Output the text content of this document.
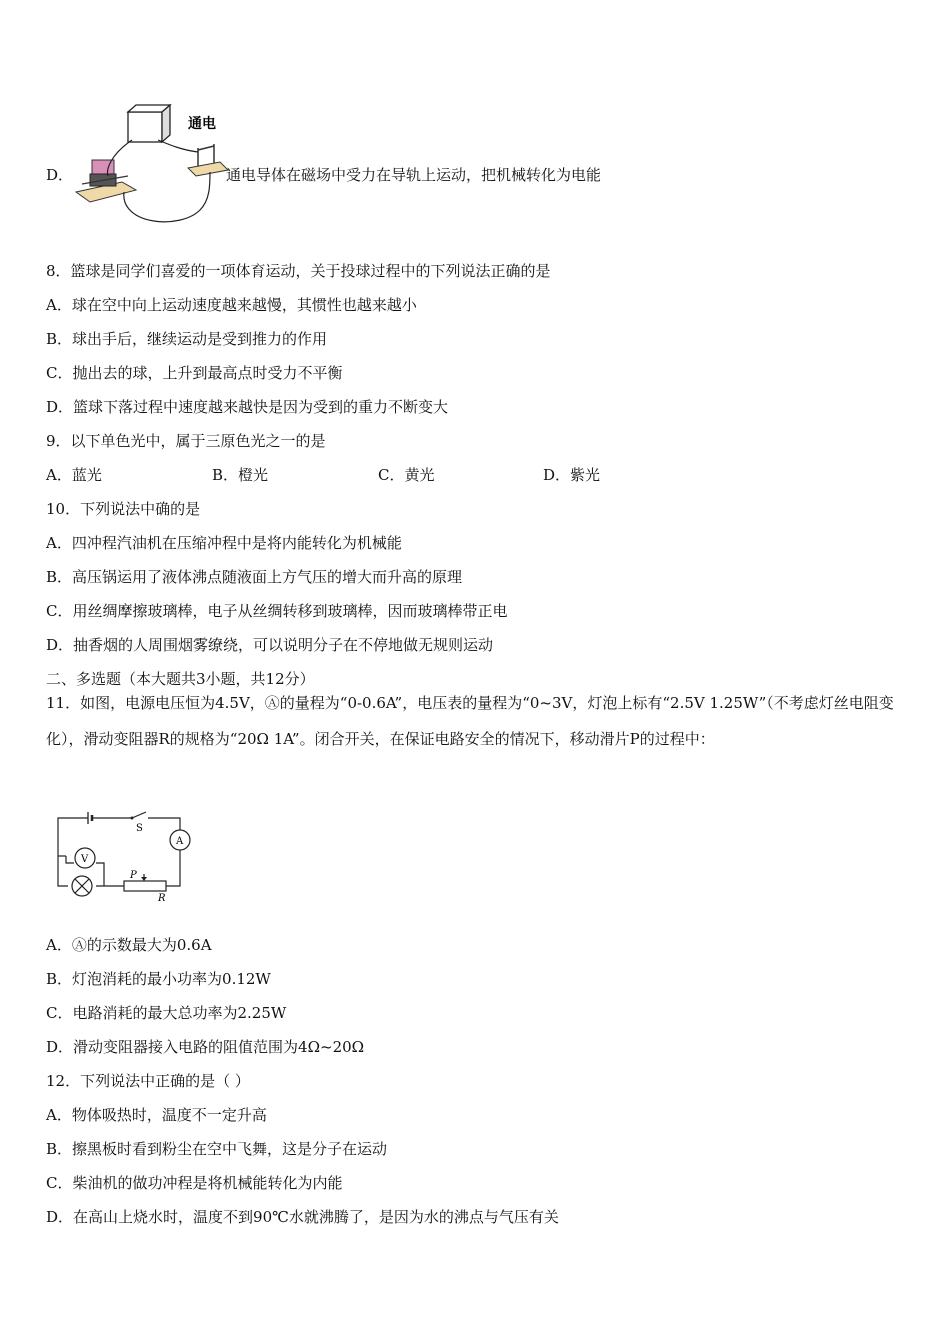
D．
通电
通电导体在磁场中受力在导轨上运动，把机械转化为电能
8．篮球是同学们喜爱的一项体育运动，关于投球过程中的下列说法正确的是
A．球在空中向上运动速度越来越慢，其惯性也越来越小
B．球出手后，继续运动是受到推力的作用
C．抛出去的球，上升到最高点时受力不平衡
D．篮球下落过程中速度越来越快是因为受到的重力不断变大
9．以下单色光中，属于三原色光之一的是
A．蓝光	B．橙光	C．黄光	D．紫光
10．下列说法中确的是
A．四冲程汽油机在压缩冲程中是将内能转化为机械能
B．高压锅运用了液体沸点随液面上方气压的增大而升高的原理
C．用丝绸摩擦玻璃棒，电子从丝绸转移到玻璃棒，因而玻璃棒带正电
D．抽香烟的人周围烟雾缭绕，可以说明分子在不停地做无规则运动
二、多选题（本大题共3小题，共12分）
11．如图，电源电压恒为4.5V，Ⓐ的量程为“0-0.6A”，电压表的量程为“0~3V，灯泡上标有“2.5V 1.25W”（不考虑灯丝电阻变化），滑动变阻器R的规格为“20Ω 1A”。闭合开关，在保证电路安全的情况下，移动滑片P的过程中：
S
A
V
P
R
A．Ⓐ的示数最大为0.6A
B．灯泡消耗的最小功率为0.12W
C．电路消耗的最大总功率为2.25W
D．滑动变阻器接入电路的阻值范围为4Ω~20Ω
12．下列说法中正确的是（ ）
A．物体吸热时，温度不一定升高
B．擦黑板时看到粉尘在空中飞舞，这是分子在运动
C．柴油机的做功冲程是将机械能转化为内能
D．在高山上烧水时，温度不到90℃水就沸腾了，是因为水的沸点与气压有关
